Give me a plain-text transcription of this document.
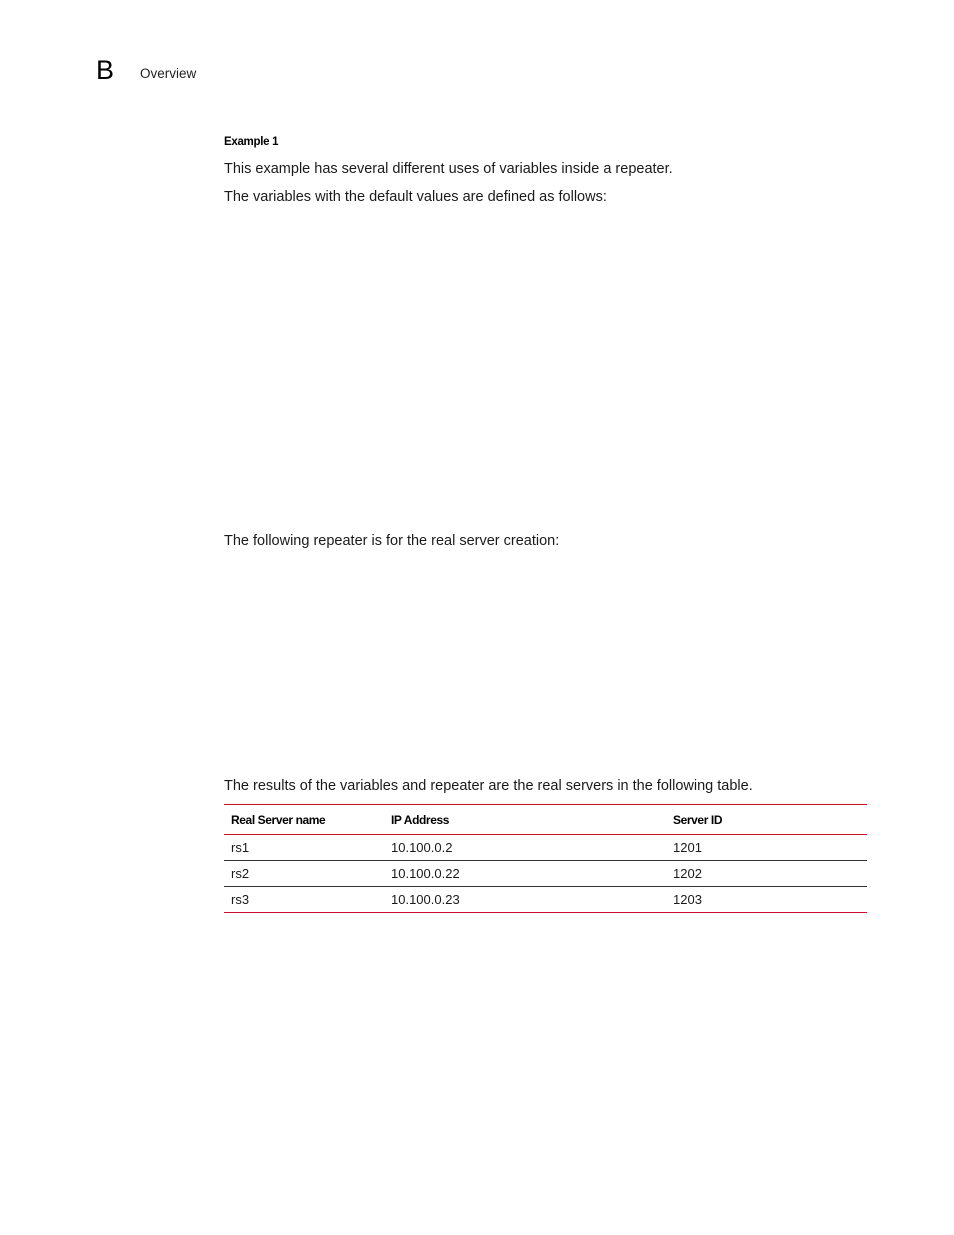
B Overview
Example 1
This example has several different uses of variables inside a repeater.
The variables with the default values are defined as follows:
The following repeater is for the real server creation:
The results of the variables and repeater are the real servers in the following table.
Real Server name	IP Address	Server ID
rs1	10.100.0.2	1201
rs2	10.100.0.22	1202
rs3	10.100.0.23	1203
